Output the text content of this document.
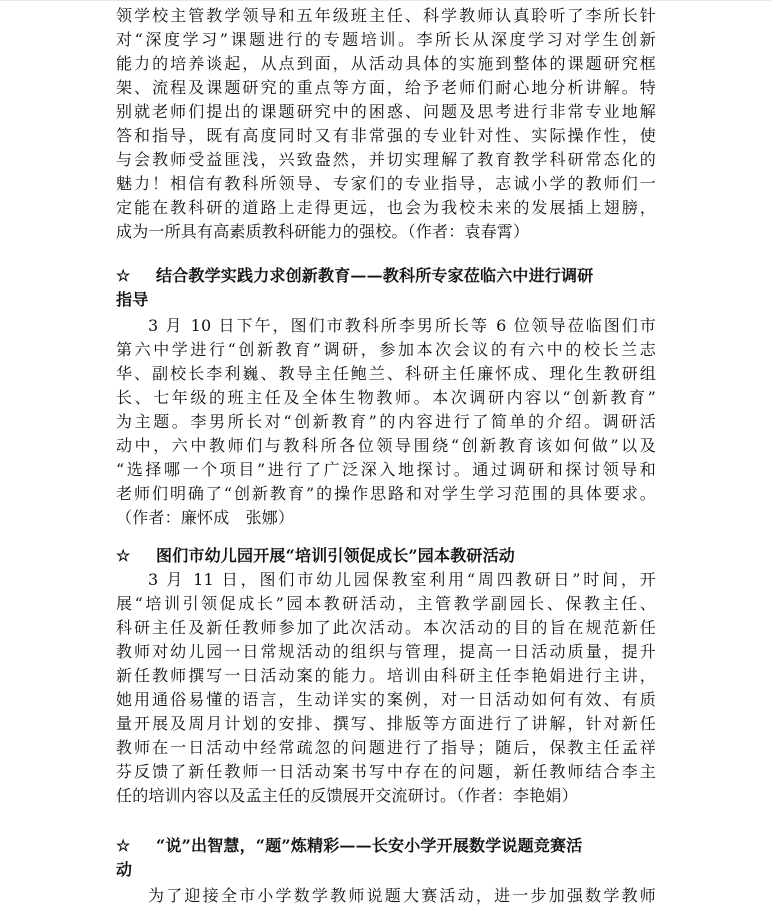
领学校主管教学领导和五年级班主任、科学教师认真聆听了李所长针
对“深度学习”课题进行的专题培训。李所长从深度学习对学生创新
能力的培养谈起，从点到面，从活动具体的实施到整体的课题研究框
架、流程及课题研究的重点等方面，给予老师们耐心地分析讲解。特
别就老师们提出的课题研究中的困惑、问题及思考进行非常专业地解
答和指导，既有高度同时又有非常强的专业针对性、实际操作性，使
与会教师受益匪浅，兴致盎然，并切实理解了教育教学科研常态化的
魅力！相信有教科所领导、专家们的专业指导，志诚小学的教师们一
定能在教科研的道路上走得更远，也会为我校未来的发展插上翅膀，
成为一所具有高素质教科研能力的强校。（作者：袁春霄）
☆ 结合教学实践力求创新教育——教科所专家莅临六中进行调研
指导
3 月 10 日下午，图们市教科所李男所长等 6 位领导莅临图们市
第六中学进行“创新教育”调研，参加本次会议的有六中的校长兰志
华、副校长李利巍、教导主任鲍兰、科研主任廉怀成、理化生教研组
长、七年级的班主任及全体生物教师。本次调研内容以“创新教育”
为主题。李男所长对“创新教育”的内容进行了简单的介绍。调研活
动中，六中教师们与教科所各位领导围绕“创新教育该如何做”以及
“选择哪一个项目”进行了广泛深入地探讨。通过调研和探讨领导和
老师们明确了“创新教育”的操作思路和对学生学习范围的具体要求。
（作者：廉怀成　张娜）
☆ 图们市幼儿园开展“培训引领促成长”园本教研活动
3 月 11 日，图们市幼儿园保教室利用“周四教研日”时间，开
展“培训引领促成长”园本教研活动，主管教学副园长、保教主任、
科研主任及新任教师参加了此次活动。本次活动的目的旨在规范新任
教师对幼儿园一日常规活动的组织与管理，提高一日活动质量，提升
新任教师撰写一日活动案的能力。培训由科研主任李艳娟进行主讲，
她用通俗易懂的语言，生动详实的案例，对一日活动如何有效、有质
量开展及周月计划的安排、撰写、排版等方面进行了讲解，针对新任
教师在一日活动中经常疏忽的问题进行了指导；随后，保教主任孟祥
芬反馈了新任教师一日活动案书写中存在的问题，新任教师结合李主
任的培训内容以及孟主任的反馈展开交流研讨。（作者：李艳娟）
☆ “说”出智慧，“题”炼精彩——长安小学开展数学说题竞赛活
动
为了迎接全市小学数学教师说题大赛活动，进一步加强数学教师
